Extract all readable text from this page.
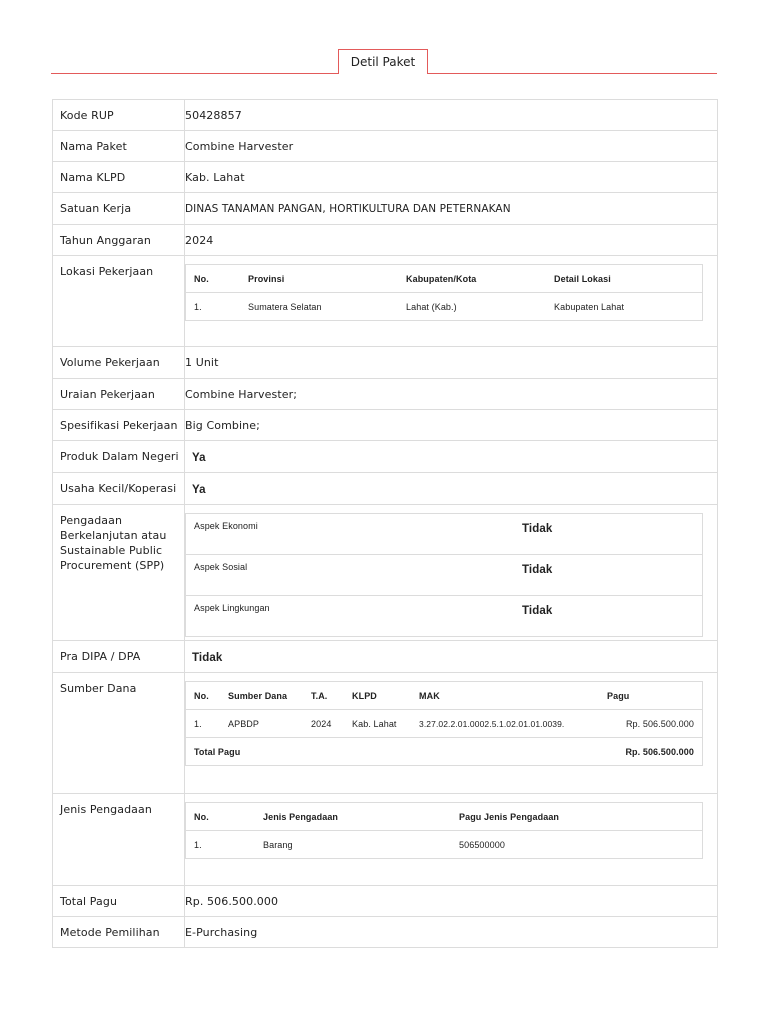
Detil Paket
Kode RUP	50428857

Nama Paket	Combine Harvester

Nama KLPD	Kab. Lahat

Satuan Kerja	DINAS TANAMAN PANGAN, HORTIKULTURA DAN PETERNAKAN

Tahun Anggaran	2024

Lokasi Pekerjaan

No.	Provinsi	Kabupaten/Kota	Detail Lokasi
1.	Sumatera Selatan	Lahat (Kab.)	Kabupaten Lahat

Volume Pekerjaan	1 Unit

Uraian Pekerjaan	Combine Harvester;

Spesifikasi Pekerjaan	Big Combine;

Produk Dalam Negeri	Ya

Usaha Kecil/Koperasi	Ya

Pengadaan Berkelanjutan atau Sustainable Public Procurement (SPP)

Aspek Ekonomi	Tidak
Aspek Sosial	Tidak
Aspek Lingkungan	Tidak

Pra DIPA / DPA	Tidak

Sumber Dana

No.	Sumber Dana	T.A.	KLPD	MAK	Pagu
1.	APBDP	2024	Kab. Lahat	3.27.02.2.01.0002.5.1.02.01.01.0039.	Rp. 506.500.000
Total Pagu	Rp. 506.500.000

Jenis Pengadaan

No.	Jenis Pengadaan	Pagu Jenis Pengadaan
1.	Barang	506500000

Total Pagu	Rp. 506.500.000

Metode Pemilihan	E-Purchasing
